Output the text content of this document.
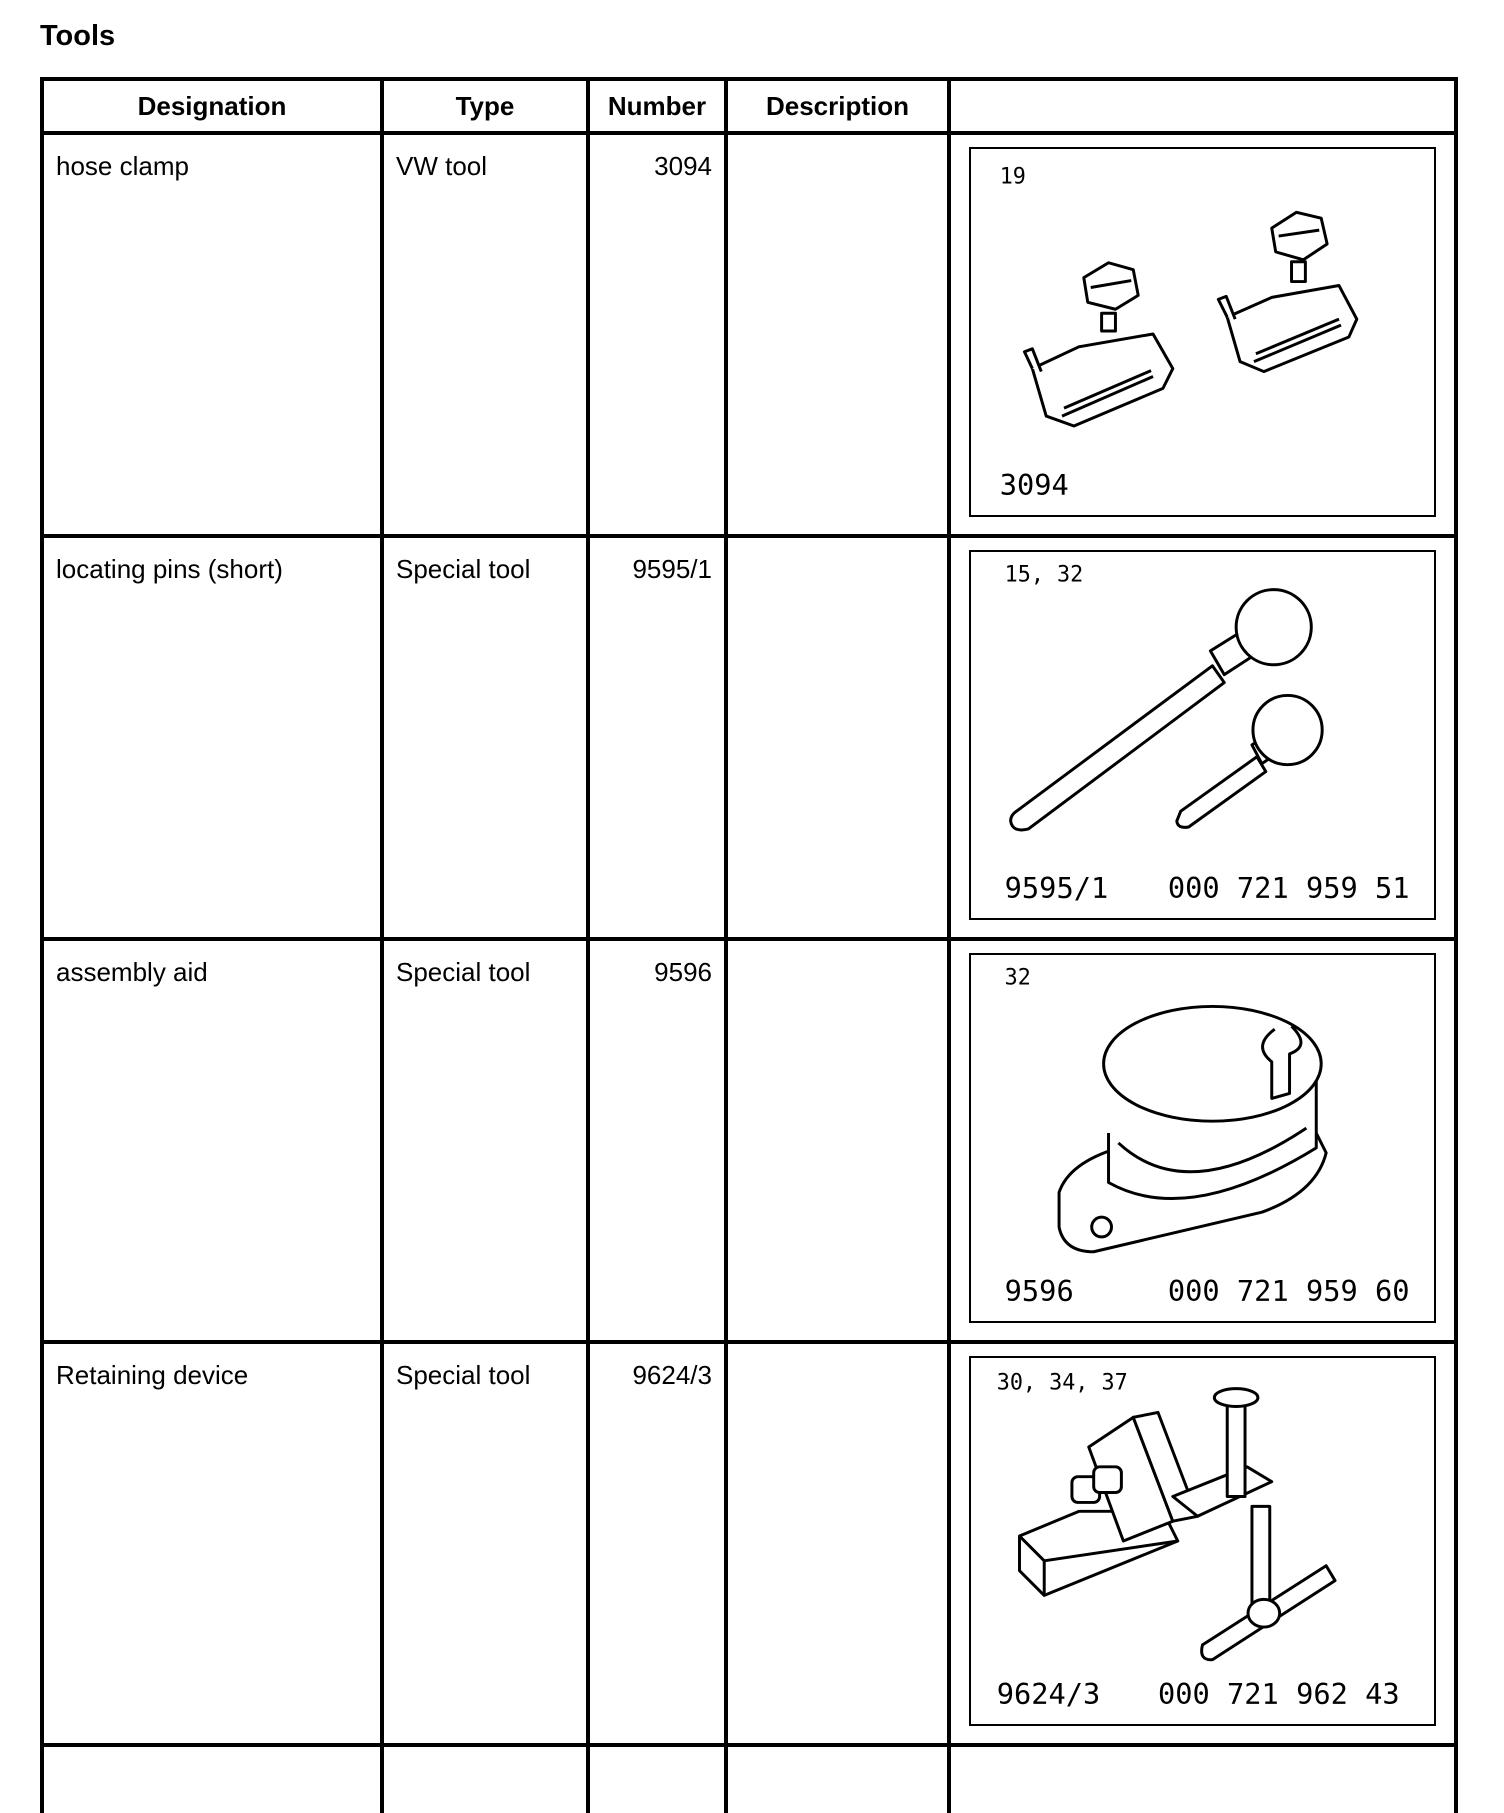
Tools
Designation	Type	Number	Description	
hose clamp	VW tool	3094		19
3094

locating pins (short)	Special tool	9595/1		15, 32
9595/1 000 721 959 51

assembly aid	Special tool	9596		32
9596 000 721 959 60

Retaining device	Special tool	9624/3		30, 34, 37
9624/3 000 721 962 43
